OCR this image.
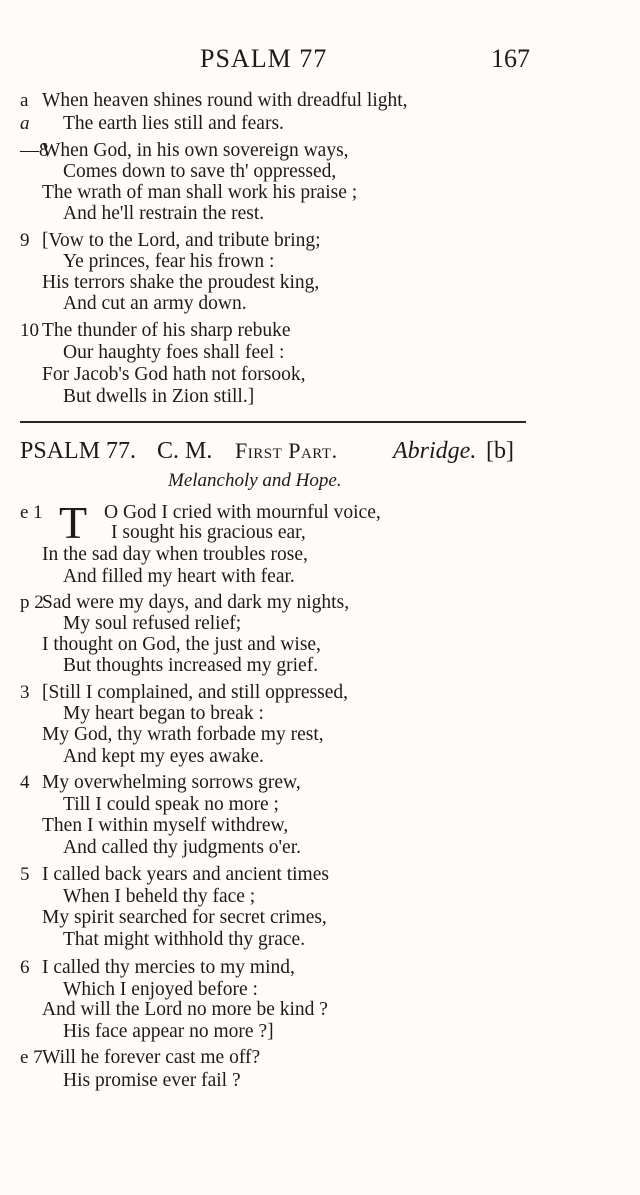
PSALM 77	167
a When heaven shines round with dreadful light,
a The earth lies still and fears.
—8
When God, in his own sovereign ways,
Comes down to save th' oppressed,
The wrath of man shall work his praise ;
And he'll restrain the rest.
9 [Vow to the Lord, and tribute bring;
Ye princes, fear his frown :
His terrors shake the proudest king,
And cut an army down.
10 The thunder of his sharp rebuke
Our haughty foes shall feel :
For Jacob's God hath not forsook,
But dwells in Zion still.]
PSALM 77. C. M. First Part. Abridge. [b]
Melancholy and Hope.
T
e 1	O God I cried with mournful voice,
I sought his gracious ear,
In the sad day when troubles rose,
And filled my heart with fear.
p 2
Sad were my days, and dark my nights,
My soul refused relief;
I thought on God, the just and wise,
But thoughts increased my grief.
3 [Still I complained, and still oppressed,
My heart began to break :
My God, thy wrath forbade my rest,
And kept my eyes awake.
4 My overwhelming sorrows grew,
Till I could speak no more ;
Then I within myself withdrew,
And called thy judgments o'er.
5 I called back years and ancient times
When I beheld thy face ;
My spirit searched for secret crimes,
That might withhold thy grace.
6 I called thy mercies to my mind,
Which I enjoyed before :
And will the Lord no more be kind ?
His face appear no more ?]
e 7 Will he forever cast me off?
His promise ever fail ?
